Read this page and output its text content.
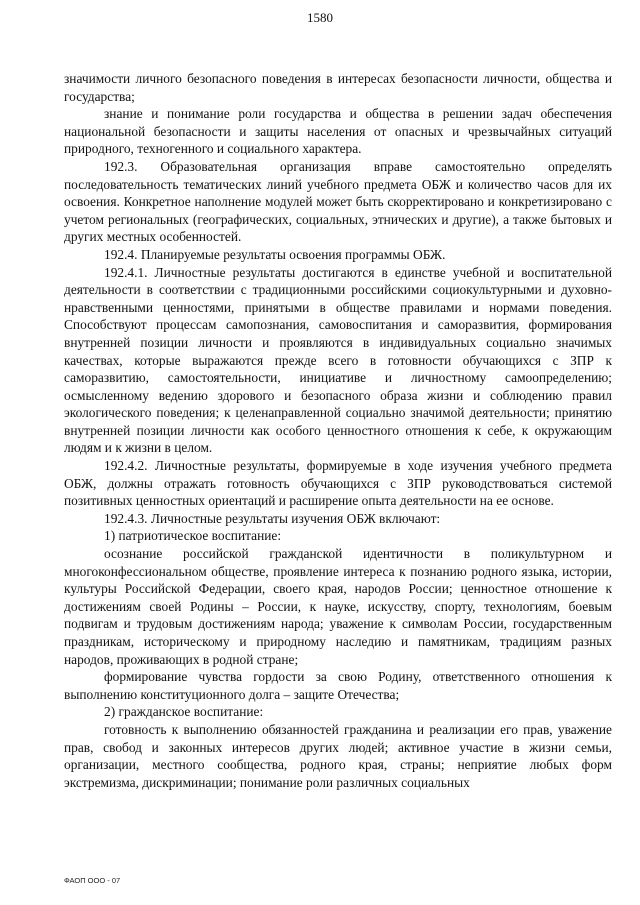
1580

значимости личного безопасного поведения в интересах безопасности личности, общества и государства;

знание и понимание роли государства и общества в решении задач обеспечения национальной безопасности и защиты населения от опасных и чрезвычайных ситуаций природного, техногенного и социального характера.

192.3. Образовательная организация вправе самостоятельно определять последовательность тематических линий учебного предмета ОБЖ и количество часов для их освоения. Конкретное наполнение модулей может быть скорректировано и конкретизировано с учетом региональных (географических, социальных, этнических и другие), а также бытовых и других местных особенностей.

192.4. Планируемые результаты освоения программы ОБЖ.

192.4.1. Личностные результаты достигаются в единстве учебной и воспитательной деятельности в соответствии с традиционными российскими социокультурными и духовно-нравственными ценностями, принятыми в обществе правилами и нормами поведения. Способствуют процессам самопознания, самовоспитания и саморазвития, формирования внутренней позиции личности и проявляются в индивидуальных социально значимых качествах, которые выражаются прежде всего в готовности обучающихся с ЗПР к саморазвитию, самостоятельности, инициативе и личностному самоопределению; осмысленному ведению здорового и безопасного образа жизни и соблюдению правил экологического поведения; к целенаправленной социально значимой деятельности; принятию внутренней позиции личности как особого ценностного отношения к себе, к окружающим людям и к жизни в целом.

192.4.2. Личностные результаты, формируемые в ходе изучения учебного предмета ОБЖ, должны отражать готовность обучающихся с ЗПР руководствоваться системой позитивных ценностных ориентаций и расширение опыта деятельности на ее основе.

192.4.3. Личностные результаты изучения ОБЖ включают:

1) патриотическое воспитание:

осознание российской гражданской идентичности в поликультурном и многоконфессиональном обществе, проявление интереса к познанию родного языка, истории, культуры Российской Федерации, своего края, народов России; ценностное отношение к достижениям своей Родины – России, к науке, искусству, спорту, технологиям, боевым подвигам и трудовым достижениям народа; уважение к символам России, государственным праздникам, историческому и природному наследию и памятникам, традициям разных народов, проживающих в родной стране;

формирование чувства гордости за свою Родину, ответственного отношения к выполнению конституционного долга – защите Отечества;

2) гражданское воспитание:

готовность к выполнению обязанностей гражданина и реализации его прав, уважение прав, свобод и законных интересов других людей; активное участие в жизни семьи, организации, местного сообщества, родного края, страны; неприятие любых форм экстремизма, дискриминации; понимание роли различных социальных

ФАОП ООО - 07
